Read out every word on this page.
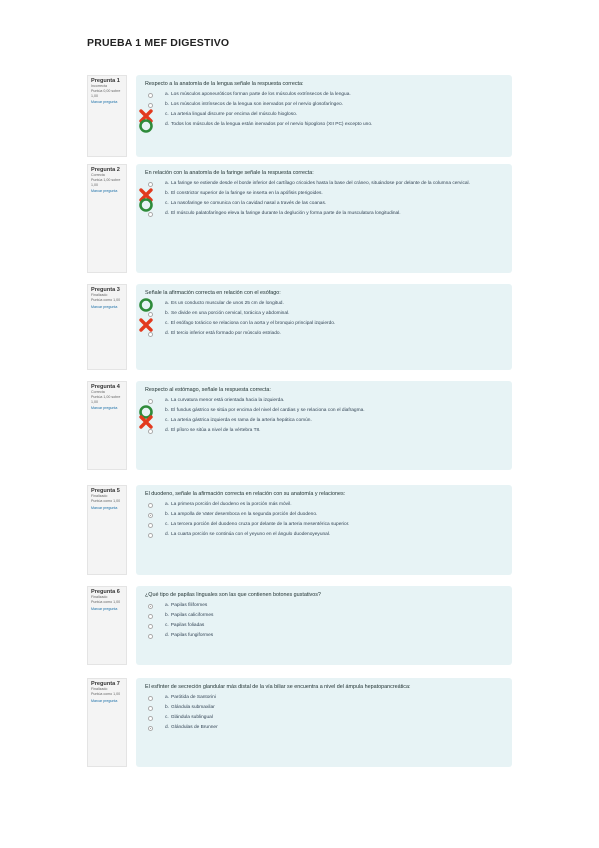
PRUEBA 1 MEF DIGESTIVO
Pregunta 1
Incorrecta
Puntúa 0,00 sobre 1,00
Marcar pregunta
Respecto a la anatomía de la lengua señale la respuesta correcta:
a. Los músculos aponeuróticos forman parte de los músculos extrínsecos de la lengua.
b. Los músculos intrínsecos de la lengua son inervados por el nervio glosofaríngeo.
c. La arteria lingual discurre por encima del músculo hiogloso.
d. Todos los músculos de la lengua están inervados por el nervio hipogloso (XII PC) excepto uno.
Pregunta 2
Correcta
Puntúa 1,00 sobre 1,00
Marcar pregunta
En relación con la anatomía de la faringe señale la respuesta correcta:
a. La faringe se extiende desde el borde inferior del cartílago cricoides hasta la base del cráneo, situándose por delante de la columna cervical.
b. El constrictor superior de la faringe se inserta en la apófisis pterigoides.
c. La nasofaringe se comunica con la cavidad nasal a través de las coanas.
d. El músculo palatofaríngeo eleva la faringe durante la deglución y forma parte de la musculatura longitudinal.
Pregunta 3
Finalizado
Puntúa como 1,00
Marcar pregunta
Señale la afirmación correcta en relación con el esófago:
a. Es un conducto muscular de unos 25 cm de longitud.
b. Se divide en una porción cervical, torácica y abdominal.
c. El esófago torácico se relaciona con la aorta y el bronquio principal izquierdo.
d. El tercio inferior está formado por músculo estriado.
Pregunta 4
Correcta
Puntúa 1,00 sobre 1,00
Marcar pregunta
Respecto al estómago, señale la respuesta correcta:
a. La curvatura menor está orientada hacia la izquierda.
b. El fundus gástrico se sitúa por encima del nivel del cardias y se relaciona con el diafragma.
c. La arteria gástrica izquierda es rama de la arteria hepática común.
d. El píloro se sitúa a nivel de la vértebra T8.
Pregunta 5
Finalizado
Puntúa como 1,00
Marcar pregunta
El duodeno, señale la afirmación correcta en relación con su anatomía y relaciones:
a. La primera porción del duodeno es la porción más móvil.
b. La ampolla de Vater desemboca en la segunda porción del duodeno.
c. La tercera porción del duodeno cruza por delante de la arteria mesentérica superior.
d. La cuarta porción se continúa con el yeyuno en el ángulo duodenoyeyunal.
Pregunta 6
Finalizado
Puntúa como 1,00
Marcar pregunta
¿Qué tipo de papilas linguales son las que contienen botones gustativos?
a. Papilas filiformes
b. Papilas caliciformes
c. Papilas foliadas
d. Papilas fungiformes
Pregunta 7
Finalizado
Puntúa como 1,00
Marcar pregunta
El esfínter de secreción glandular más distal de la vía biliar se encuentra a nivel del ámpula hepatopancreática:
a. Parótida de Santorini
b. Glándula submaxilar
c. Glándula sublingual
d. Glándulas de Brunner
